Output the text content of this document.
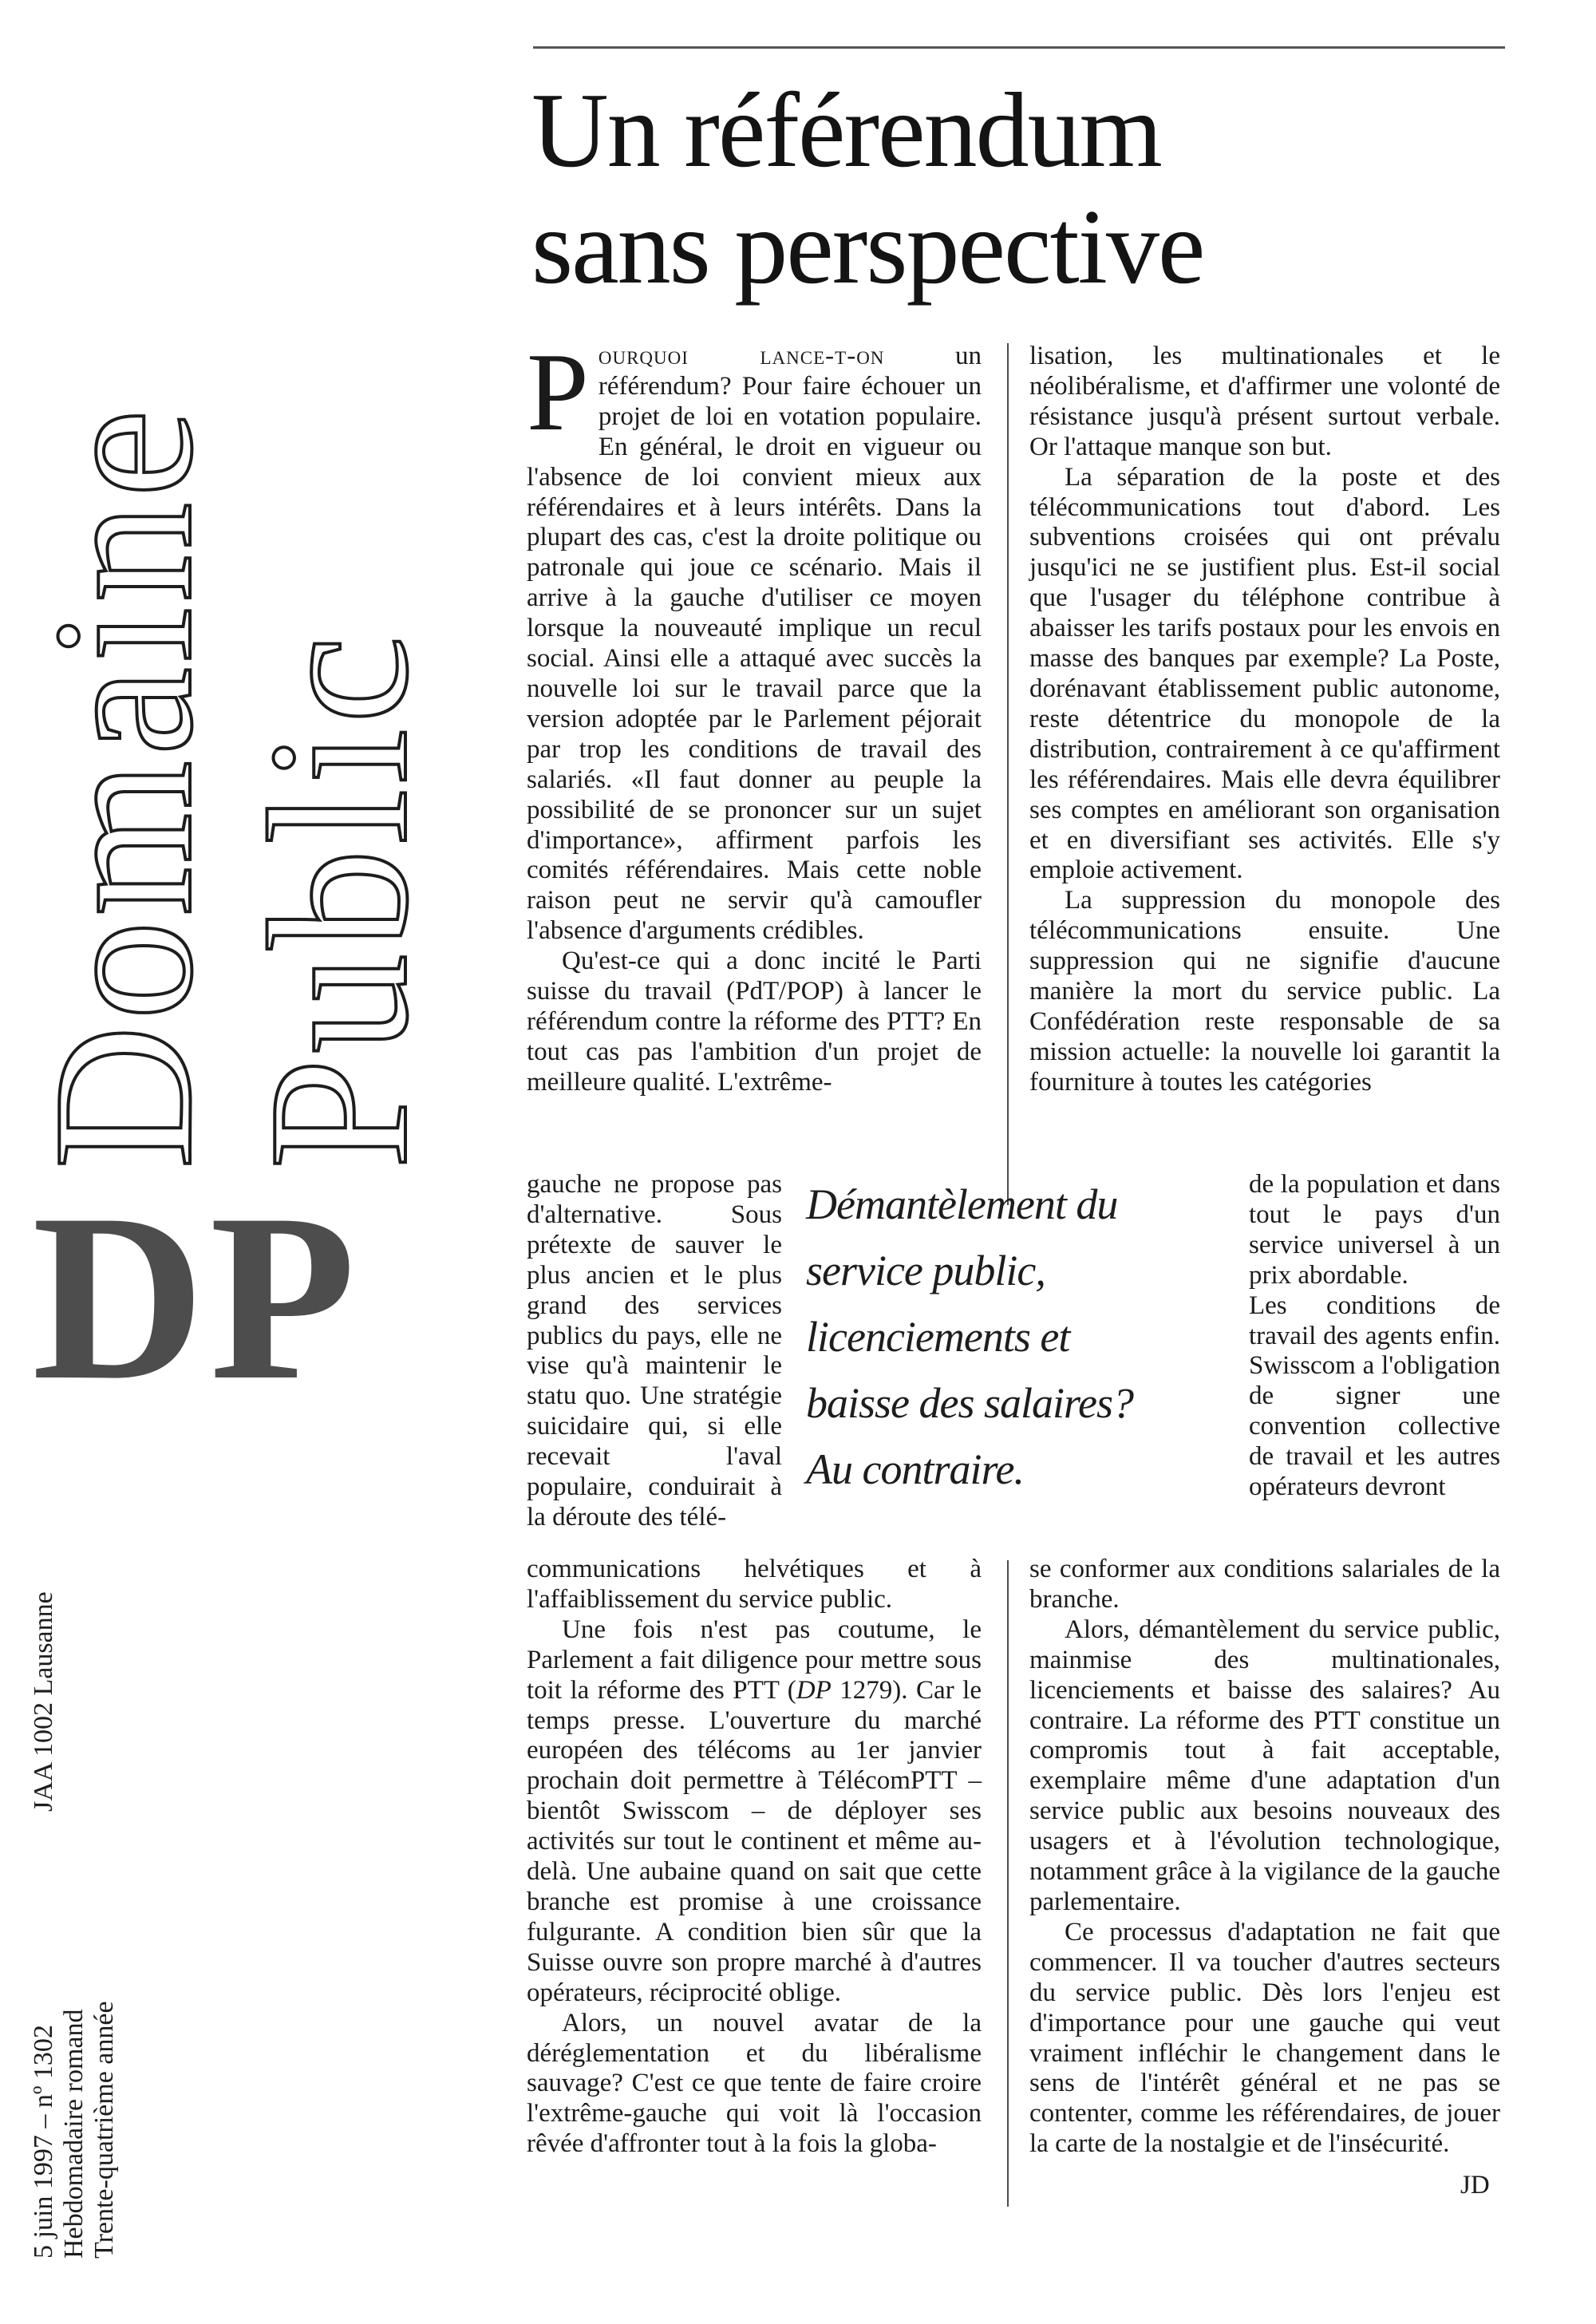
Domaine
Public
DP
JAA 1002 Lausanne
5 juin 1997 – nº 1302 Hebdomadaire romand Trente-quatrième année
Un référendum
sans perspective

Pourquoi lance-t-on un référendum? Pour faire échouer un projet de loi en votation populaire. En général, le droit en vigueur ou l'absence de loi convient mieux aux référendaires et à leurs intérêts. Dans la plupart des cas, c'est la droite politique ou patronale qui joue ce scénario. Mais il arrive à la gauche d'utiliser ce moyen lorsque la nouveauté implique un recul social. Ainsi elle a attaqué avec succès la nouvelle loi sur le travail parce que la version adoptée par le Parlement péjorait par trop les conditions de travail des salariés. «Il faut donner au peuple la possibilité de se prononcer sur un sujet d'importance», affirment parfois les comités référendaires. Mais cette noble raison peut ne servir qu'à camoufler l'absence d'arguments crédibles.

Qu'est-ce qui a donc incité le Parti suisse du travail (PdT/POP) à lancer le référendum contre la réforme des PTT? En tout cas pas l'ambition d'un projet de meilleure qualité. L'extrême-

lisation, les multinationales et le néolibéralisme, et d'affirmer une volonté de résistance jusqu'à présent surtout verbale. Or l'attaque manque son but.

La séparation de la poste et des télécommunications tout d'abord. Les subventions croisées qui ont prévalu jusqu'ici ne se justifient plus. Est-il social que l'usager du téléphone contribue à abaisser les tarifs postaux pour les envois en masse des banques par exemple? La Poste, dorénavant établissement public autonome, reste détentrice du monopole de la distribution, contrairement à ce qu'affirment les référendaires. Mais elle devra équilibrer ses comptes en améliorant son organisation et en diversifiant ses activités. Elle s'y emploie activement.

La suppression du monopole des télécommunications ensuite. Une suppression qui ne signifie d'aucune manière la mort du service public. La Confédération reste responsable de sa mission actuelle: la nouvelle loi garantit la fourniture à toutes les catégories

gauche ne propose pas d'alternative. Sous prétexte de sauver le plus ancien et le plus grand des services publics du pays, elle ne vise qu'à maintenir le statu quo. Une stratégie suicidaire qui, si elle recevait l'aval populaire, conduirait à la déroute des télé-

Démantèlement du
service public,
licenciements et
baisse des salaires?
Au contraire.

de la population et dans tout le pays d'un service universel à un prix abordable.

Les conditions de travail des agents enfin. Swisscom a l'obligation de signer une convention collective de travail et les autres opérateurs devront

communications helvétiques et à l'affaiblissement du service public.

Une fois n'est pas coutume, le Parlement a fait diligence pour mettre sous toit la réforme des PTT (DP 1279). Car le temps presse. L'ouverture du marché européen des télécoms au 1er janvier prochain doit permettre à TélécomPTT – bientôt Swisscom – de déployer ses activités sur tout le continent et même au-delà. Une aubaine quand on sait que cette branche est promise à une croissance fulgurante. A condition bien sûr que la Suisse ouvre son propre marché à d'autres opérateurs, réciprocité oblige.

Alors, un nouvel avatar de la déréglementation et du libéralisme sauvage? C'est ce que tente de faire croire l'extrême-gauche qui voit là l'occasion rêvée d'affronter tout à la fois la globa-

se conformer aux conditions salariales de la branche.

Alors, démantèlement du service public, mainmise des multinationales, licenciements et baisse des salaires? Au contraire. La réforme des PTT constitue un compromis tout à fait acceptable, exemplaire même d'une adaptation d'un service public aux besoins nouveaux des usagers et à l'évolution technologique, notamment grâce à la vigilance de la gauche parlementaire.

Ce processus d'adaptation ne fait que commencer. Il va toucher d'autres secteurs du service public. Dès lors l'enjeu est d'importance pour une gauche qui veut vraiment infléchir le changement dans le sens de l'intérêt général et ne pas se contenter, comme les référendaires, de jouer la carte de la nostalgie et de l'insécurité.

JD
